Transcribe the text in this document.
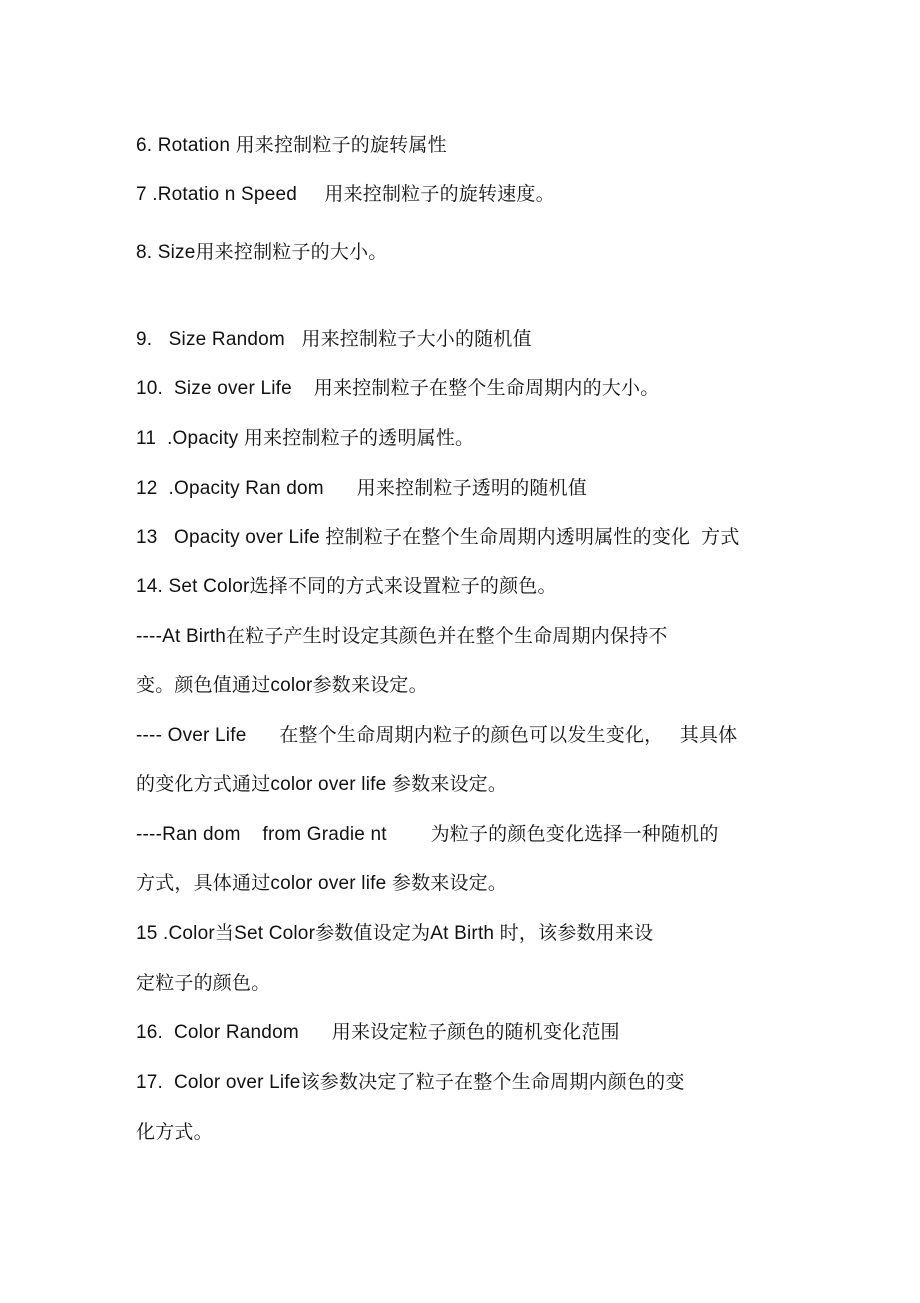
6. Rotation 用来控制粒子的旋转属性
7 .Rotatio n Speed     用来控制粒子的旋转速度。
8. Size用来控制粒子的大小。
9.   Size Random   用来控制粒子大小的随机值
10.  Size over Life    用来控制粒子在整个生命周期内的大小。
11  .Opacity 用来控制粒子的透明属性。
12  .Opacity Ran dom      用来控制粒子透明的随机值
13   Opacity over Life 控制粒子在整个生命周期内透明属性的变化  方式
14. Set Color选择不同的方式来设置粒子的颜色。
----At Birth在粒子产生时设定其颜色并在整个生命周期内保持不
变。颜色值通过color参数来设定。
---- Over Life      在整个生命周期内粒子的颜色可以发生变化，   其具体
的变化方式通过color over life 参数来设定。
----Ran dom    from Gradie nt        为粒子的颜色变化选择一种随机的
方式，具体通过color over life 参数来设定。
15 .Color当Set Color参数值设定为At Birth 时，该参数用来设
定粒子的颜色。
16.  Color Random      用来设定粒子颜色的随机变化范围
17.  Color over Life该参数决定了粒子在整个生命周期内颜色的变
化方式。
